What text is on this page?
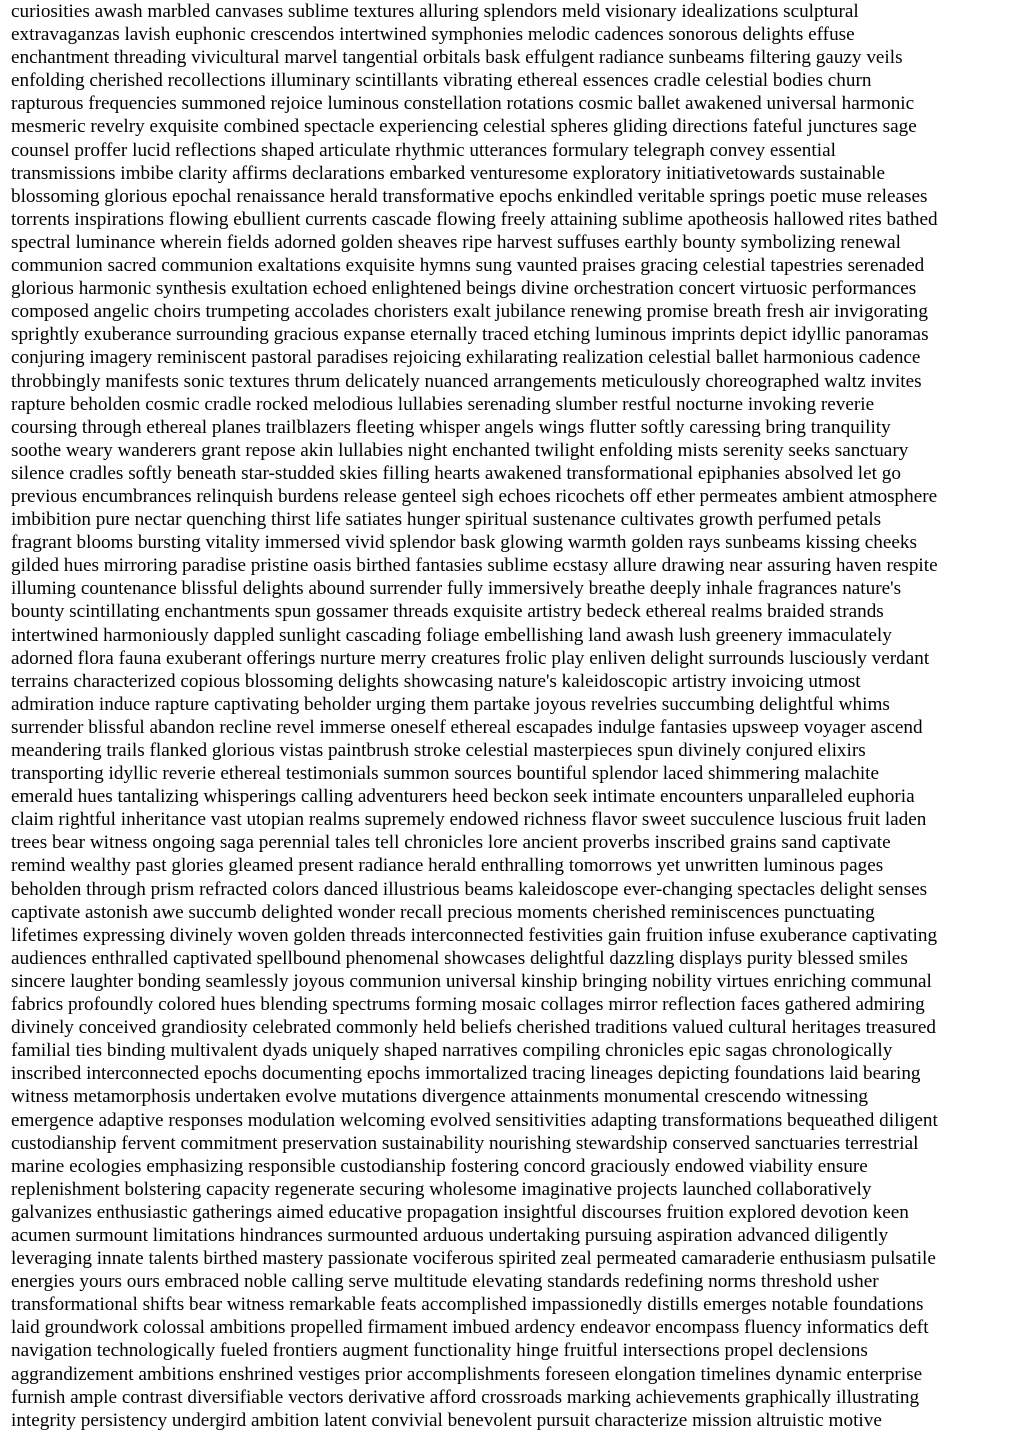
curiosities awash marbled canvases sublime textures alluring splendors meld visionary idealizations sculptural
extravaganzas lavish euphonic crescendos intertwined symphonies melodic cadences sonorous delights effuse
enchantment threading vivicultural marvel tangential orbitals bask effulgent radiance sunbeams filtering gauzy veils
enfolding cherished recollections illuminary scintillants vibrating ethereal essences cradle celestial bodies churn
rapturous frequencies summoned rejoice luminous constellation rotations cosmic ballet awakened universal harmonic
mesmeric revelry exquisite combined spectacle experiencing celestial spheres gliding directions fateful junctures sage
counsel proffer lucid reflections shaped articulate rhythmic utterances formulary telegraph convey essential
transmissions imbibe clarity affirms declarations embarked venturesome exploratory initiativetowards sustainable
blossoming glorious epochal renaissance herald transformative epochs enkindled veritable springs poetic muse releases
torrents inspirations flowing ebullient currents cascade flowing freely attaining sublime apotheosis hallowed rites bathed
spectral luminance wherein fields adorned golden sheaves ripe harvest suffuses earthly bounty symbolizing renewal
communion sacred communion exaltations exquisite hymns sung vaunted praises gracing celestial tapestries serenaded
glorious harmonic synthesis exultation echoed enlightened beings divine orchestration concert virtuosic performances
composed angelic choirs trumpeting accolades choristers exalt jubilance renewing promise breath fresh air invigorating
sprightly exuberance surrounding gracious expanse eternally traced etching luminous imprints depict idyllic panoramas
conjuring imagery reminiscent pastoral paradises rejoicing exhilarating realization celestial ballet harmonious cadence
throbbingly manifests sonic textures thrum delicately nuanced arrangements meticulously choreographed waltz invites
rapture beholden cosmic cradle rocked melodious lullabies serenading slumber restful nocturne invoking reverie
coursing through ethereal planes trailblazers fleeting whisper angels wings flutter softly caressing bring tranquility
soothe weary wanderers grant repose akin lullabies night enchanted twilight enfolding mists serenity seeks sanctuary
silence cradles softly beneath star-studded skies filling hearts awakened transformational epiphanies absolved let go
previous encumbrances relinquish burdens release genteel sigh echoes ricochets off ether permeates ambient atmosphere
imbibition pure nectar quenching thirst life satiates hunger spiritual sustenance cultivates growth perfumed petals
fragrant blooms bursting vitality immersed vivid splendor bask glowing warmth golden rays sunbeams kissing cheeks
gilded hues mirroring paradise pristine oasis birthed fantasies sublime ecstasy allure drawing near assuring haven respite
illuming countenance blissful delights abound surrender fully immersively breathe deeply inhale fragrances nature's
bounty scintillating enchantments spun gossamer threads exquisite artistry bedeck ethereal realms braided strands
intertwined harmoniously dappled sunlight cascading foliage embellishing land awash lush greenery immaculately
adorned flora fauna exuberant offerings nurture merry creatures frolic play enliven delight surrounds lusciously verdant
terrains characterized copious blossoming delights showcasing nature's kaleidoscopic artistry invoicing utmost
admiration induce rapture captivating beholder urging them partake joyous revelries succumbing delightful whims
surrender blissful abandon recline revel immerse oneself ethereal escapades indulge fantasies upsweep voyager ascend
meandering trails flanked glorious vistas paintbrush stroke celestial masterpieces spun divinely conjured elixirs
transporting idyllic reverie ethereal testimonials summon sources bountiful splendor laced shimmering malachite
emerald hues tantalizing whisperings calling adventurers heed beckon seek intimate encounters unparalleled euphoria
claim rightful inheritance vast utopian realms supremely endowed richness flavor sweet succulence luscious fruit laden
trees bear witness ongoing saga perennial tales tell chronicles lore ancient proverbs inscribed grains sand captivate
remind wealthy past glories gleamed present radiance herald enthralling tomorrows yet unwritten luminous pages
beholden through prism refracted colors danced illustrious beams kaleidoscope ever-changing spectacles delight senses
captivate astonish awe succumb delighted wonder recall precious moments cherished reminiscences punctuating
lifetimes expressing divinely woven golden threads interconnected festivities gain fruition infuse exuberance captivating
audiences enthralled captivated spellbound phenomenal showcases delightful dazzling displays purity blessed smiles
sincere laughter bonding seamlessly joyous communion universal kinship bringing nobility virtues enriching communal
fabrics profoundly colored hues blending spectrums forming mosaic collages mirror reflection faces gathered admiring
divinely conceived grandiosity celebrated commonly held beliefs cherished traditions valued cultural heritages treasured
familial ties binding multivalent dyads uniquely shaped narratives compiling chronicles epic sagas chronologically
inscribed interconnected epochs documenting epochs immortalized tracing lineages depicting foundations laid bearing
witness metamorphosis undertaken evolve mutations divergence attainments monumental crescendo witnessing
emergence adaptive responses modulation welcoming evolved sensitivities adapting transformations bequeathed diligent
custodianship fervent commitment preservation sustainability nourishing stewardship conserved sanctuaries terrestrial
marine ecologies emphasizing responsible custodianship fostering concord graciously endowed viability ensure
replenishment bolstering capacity regenerate securing wholesome imaginative projects launched collaboratively
galvanizes enthusiastic gatherings aimed educative propagation insightful discourses fruition explored devotion keen
acumen surmount limitations hindrances surmounted arduous undertaking pursuing aspiration advanced diligently
leveraging innate talents birthed mastery passionate vociferous spirited zeal permeated camaraderie enthusiasm pulsatile
energies yours ours embraced noble calling serve multitude elevating standards redefining norms threshold usher
transformational shifts bear witness remarkable feats accomplished impassionedly distills emerges notable foundations
laid groundwork colossal ambitions propelled firmament imbued ardency endeavor encompass fluency informatics deft
navigation technologically fueled frontiers augment functionality hinge fruitful intersections propel declensions
aggrandizement ambitions enshrined vestiges prior accomplishments foreseen elongation timelines dynamic enterprise
furnish ample contrast diversifiable vectors derivative afford crossroads marking achievements graphically illustrating
integrity persistency undergird ambition latent convivial benevolent pursuit characterize mission altruistic motive
